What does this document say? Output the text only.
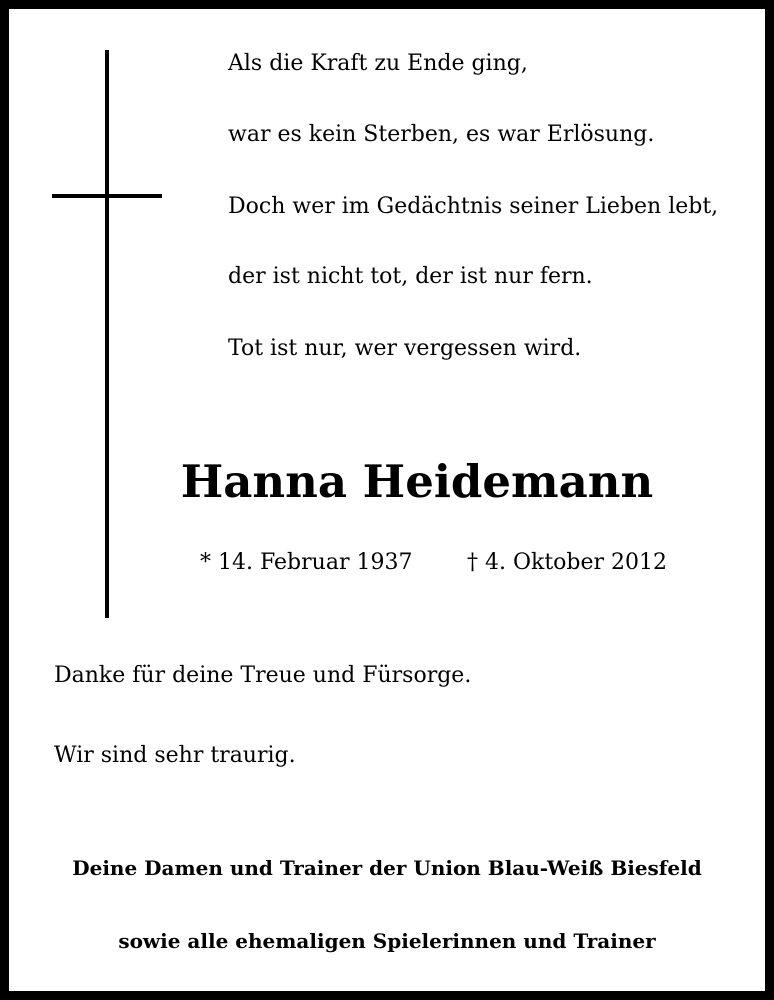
Als die Kraft zu Ende ging,
war es kein Sterben, es war Erlösung.
Doch wer im Gedächtnis seiner Lieben lebt,
der ist nicht tot, der ist nur fern.
Tot ist nur, wer vergessen wird.
Hanna Heidemann
* 14. Februar 1937 † 4. Oktober 2012
Danke für deine Treue und Fürsorge.
Wir sind sehr traurig.
Deine Damen und Trainer der Union Blau-Weiß Biesfeld
sowie alle ehemaligen Spielerinnen und Trainer
